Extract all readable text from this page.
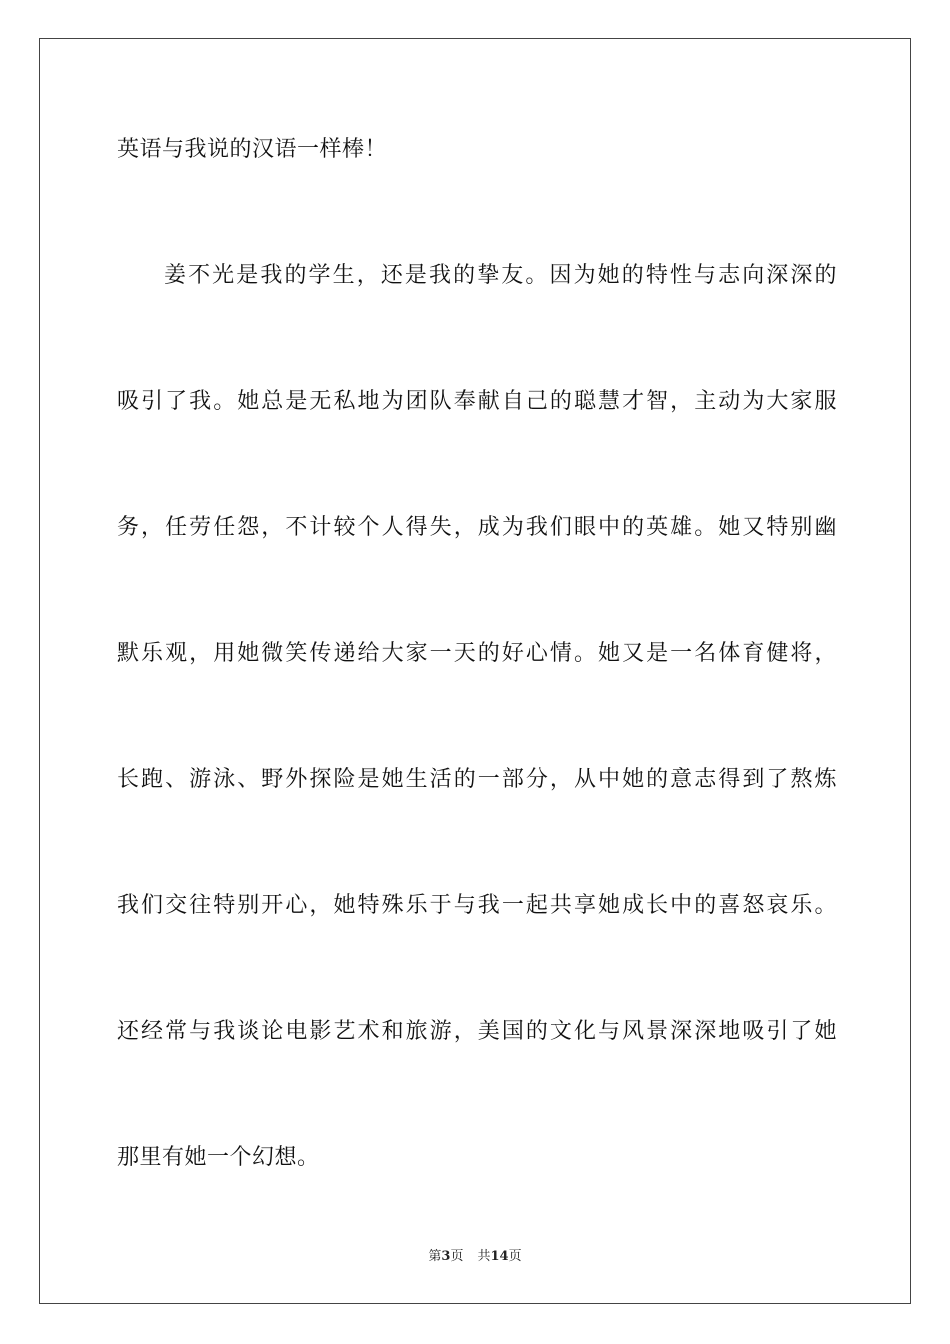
英语与我说的汉语一样棒！
姜不光是我的学生，还是我的挚友。因为她的特性与志向深深的
吸引了我。她总是无私地为团队奉献自己的聪慧才智，主动为大家服
务，任劳任怨，不计较个人得失，成为我们眼中的英雄。她又特别幽
默乐观，用她微笑传递给大家一天的好心情。她又是一名体育健将，
长跑、游泳、野外探险是她生活的一部分，从中她的意志得到了熬炼
我们交往特别开心，她特殊乐于与我一起共享她成长中的喜怒哀乐。
还经常与我谈论电影艺术和旅游，美国的文化与风景深深地吸引了她
那里有她一个幻想。
第3页 共14页
